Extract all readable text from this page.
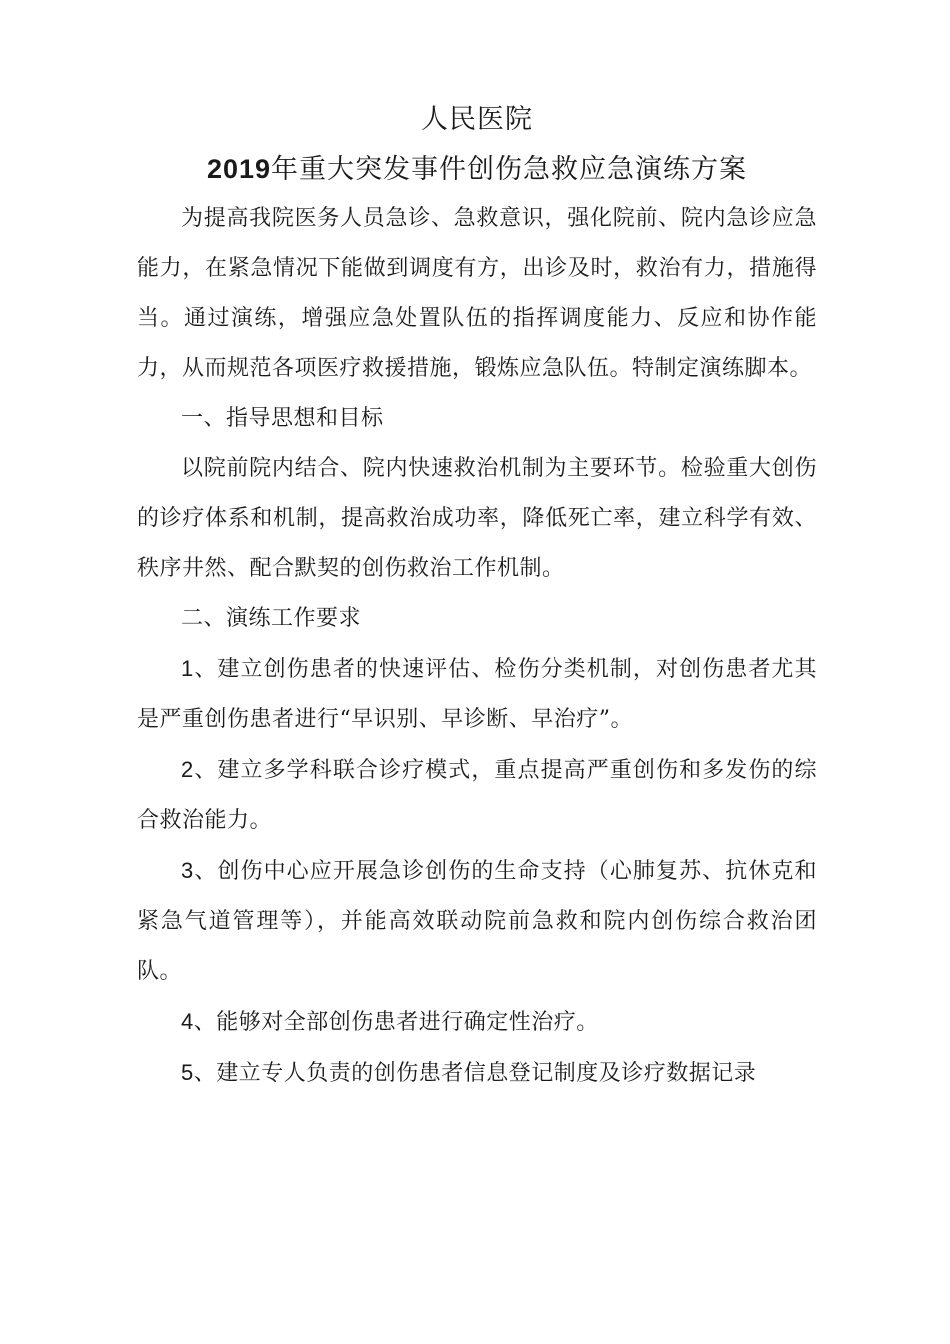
人民医院
2019年重大突发事件创伤急救应急演练方案

为提高我院医务人员急诊、急救意识，强化院前、院内急诊应急能力，在紧急情况下能做到调度有方，出诊及时，救治有力，措施得当。通过演练，增强应急处置队伍的指挥调度能力、反应和协作能力，从而规范各项医疗救援措施，锻炼应急队伍。特制定演练脚本。

一、指导思想和目标

以院前院内结合、院内快速救治机制为主要环节。检验重大创伤的诊疗体系和机制，提高救治成功率，降低死亡率，建立科学有效、秩序井然、配合默契的创伤救治工作机制。

二、演练工作要求

1、建立创伤患者的快速评估、检伤分类机制，对创伤患者尤其是严重创伤患者进行“早识别、早诊断、早治疗”。

2、建立多学科联合诊疗模式，重点提高严重创伤和多发伤的综合救治能力。

3、创伤中心应开展急诊创伤的生命支持（心肺复苏、抗休克和紧急气道管理等），并能高效联动院前急救和院内创伤综合救治团队。

4、能够对全部创伤患者进行确定性治疗。

5、建立专人负责的创伤患者信息登记制度及诊疗数据记录
